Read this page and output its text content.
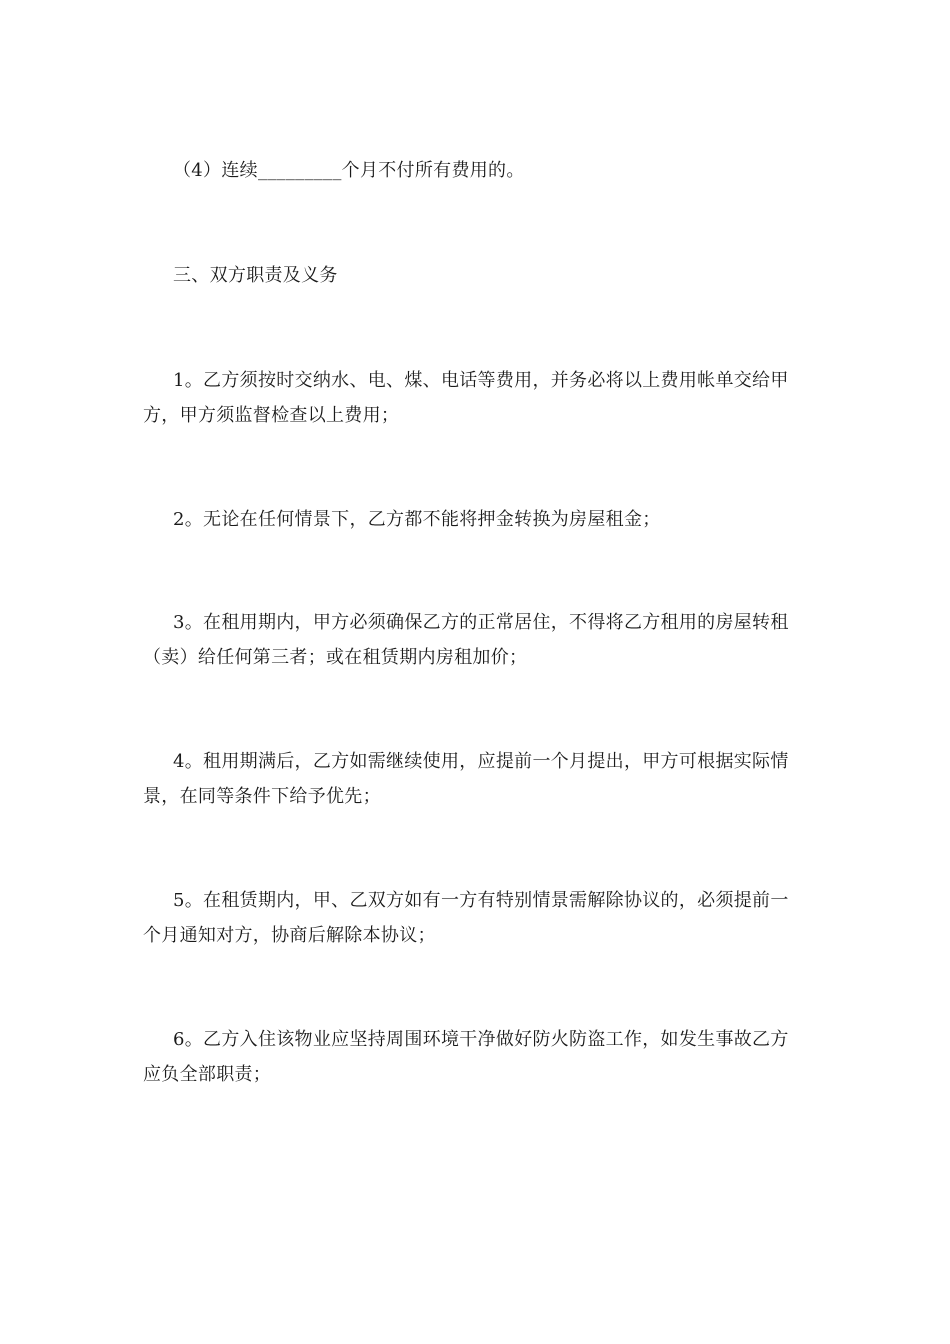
（4）连续_________个月不付所有费用的。

三、双方职责及义务

1。乙方须按时交纳水、电、煤、电话等费用，并务必将以上费用帐单交给甲方，甲方须监督检查以上费用；

2。无论在任何情景下，乙方都不能将押金转换为房屋租金；

3。在租用期内，甲方必须确保乙方的正常居住，不得将乙方租用的房屋转租（卖）给任何第三者；或在租赁期内房租加价；

4。租用期满后，乙方如需继续使用，应提前一个月提出，甲方可根据实际情景，在同等条件下给予优先；

5。在租赁期内，甲、乙双方如有一方有特别情景需解除协议的，必须提前一个月通知对方，协商后解除本协议；

6。乙方入住该物业应坚持周围环境干净做好防火防盗工作，如发生事故乙方应负全部职责；
